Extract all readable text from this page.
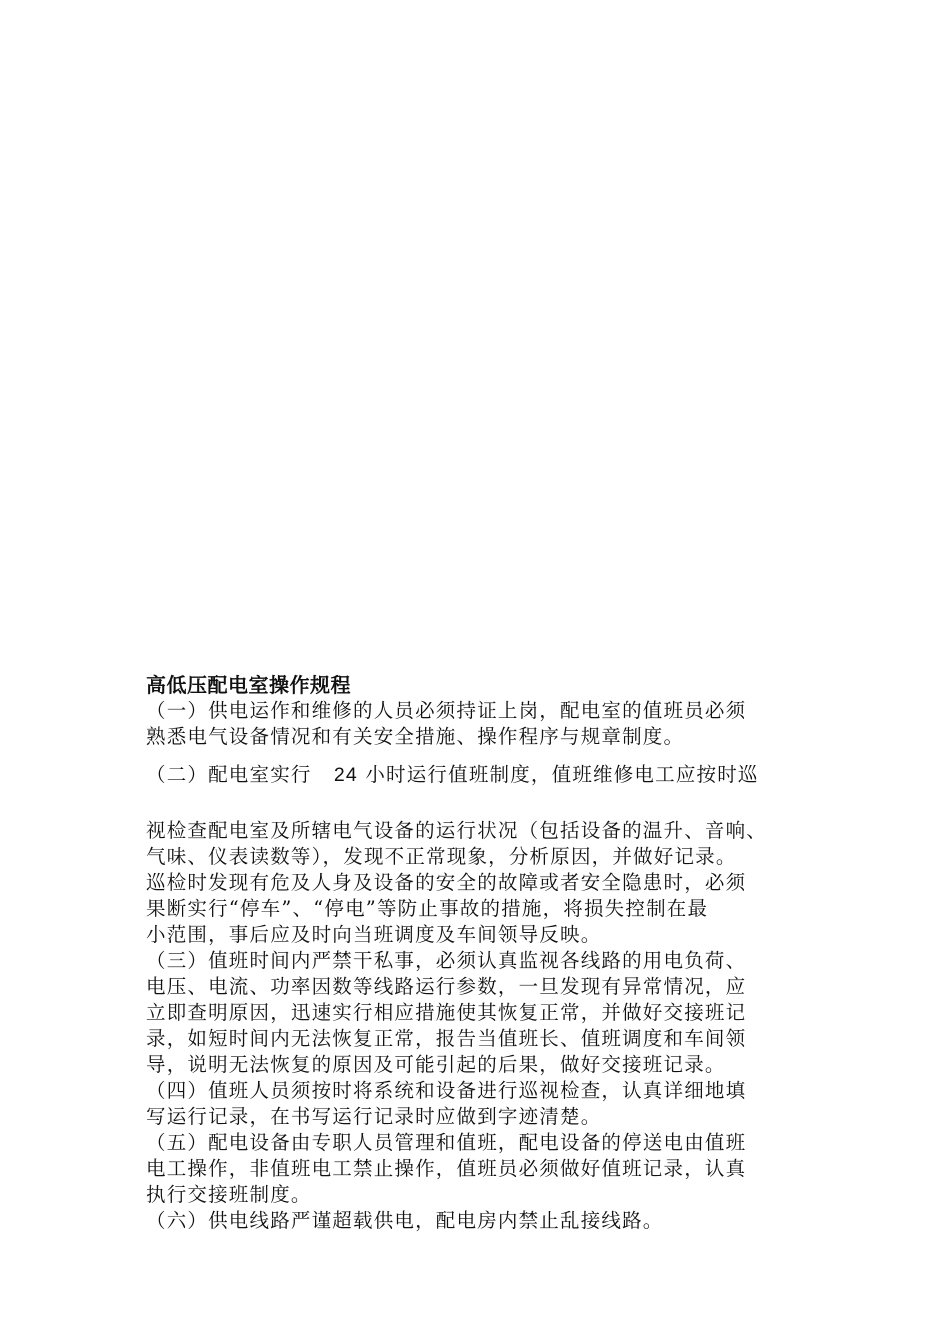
高低压配电室操作规程

（一）供电运作和维修的人员必须持证上岗，配电室的值班员必须

熟悉电气设备情况和有关安全措施、操作程序与规章制度。

（二）配电室实行 24 小时运行值班制度，值班维修电工应按时巡

视检查配电室及所辖电气设备的运行状况（包括设备的温升、音响、

气味、仪表读数等），发现不正常现象，分析原因，并做好记录。

巡检时发现有危及人身及设备的安全的故障或者安全隐患时，必须

果断实行“停车”、“停电”等防止事故的措施，将损失控制在最

小范围，事后应及时向当班调度及车间领导反映。

（三）值班时间内严禁干私事，必须认真监视各线路的用电负荷、

电压、电流、功率因数等线路运行参数，一旦发现有异常情况，应

立即查明原因，迅速实行相应措施使其恢复正常，并做好交接班记

录，如短时间内无法恢复正常，报告当值班长、值班调度和车间领

导，说明无法恢复的原因及可能引起的后果，做好交接班记录。

（四）值班人员须按时将系统和设备进行巡视检查，认真详细地填

写运行记录，在书写运行记录时应做到字迹清楚。

（五）配电设备由专职人员管理和值班，配电设备的停送电由值班

电工操作，非值班电工禁止操作，值班员必须做好值班记录，认真

执行交接班制度。

（六）供电线路严谨超载供电，配电房内禁止乱接线路。
